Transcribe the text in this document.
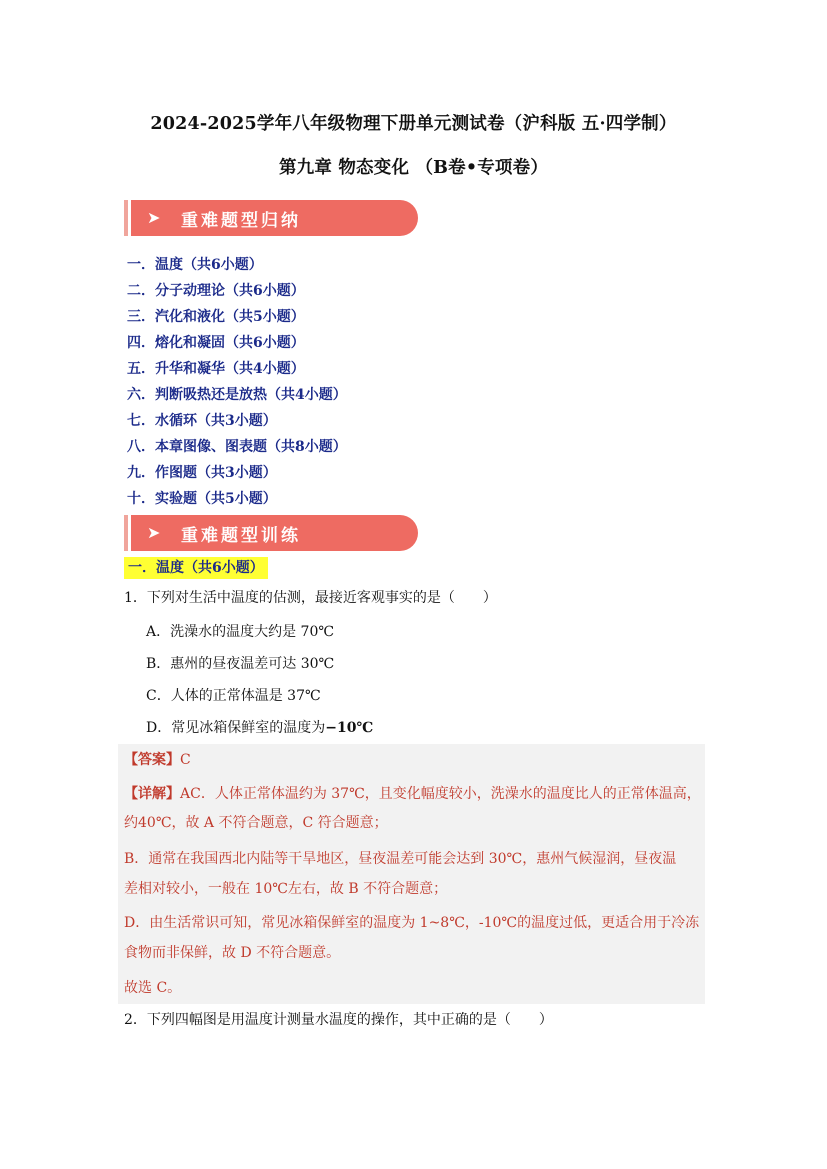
2024-2025学年八年级物理下册单元测试卷（沪科版 五·四学制）
第九章 物态变化 （B卷•专项卷）
➤ 重难题型归纳
一．温度（共6小题）
二．分子动理论（共6小题）
三．汽化和液化（共5小题）
四．熔化和凝固（共6小题）
五．升华和凝华（共4小题）
六．判断吸热还是放热（共4小题）
七．水循环（共3小题）
八．本章图像、图表题（共8小题）
九．作图题（共3小题）
十．实验题（共5小题）
➤ 重难题型训练
一．温度（共6小题）
1．下列对生活中温度的估测，最接近客观事实的是（　　）
A．洗澡水的温度大约是 70℃
B．惠州的昼夜温差可达 30℃
C．人体的正常体温是 37℃
D．常见冰箱保鲜室的温度为−10℃
【答案】C
【详解】AC．人体正常体温约为 37℃，且变化幅度较小，洗澡水的温度比人的正常体温高，
约40℃，故 A 不符合题意，C 符合题意；
B．通常在我国西北内陆等干旱地区，昼夜温差可能会达到 30℃，惠州气候湿润，昼夜温
差相对较小，一般在 10℃左右，故 B 不符合题意；
D．由生活常识可知，常见冰箱保鲜室的温度为 1~8℃，-10℃的温度过低，更适合用于冷冻
食物而非保鲜，故 D 不符合题意。
故选 C。
2．下列四幅图是用温度计测量水温度的操作，其中正确的是（　　）
